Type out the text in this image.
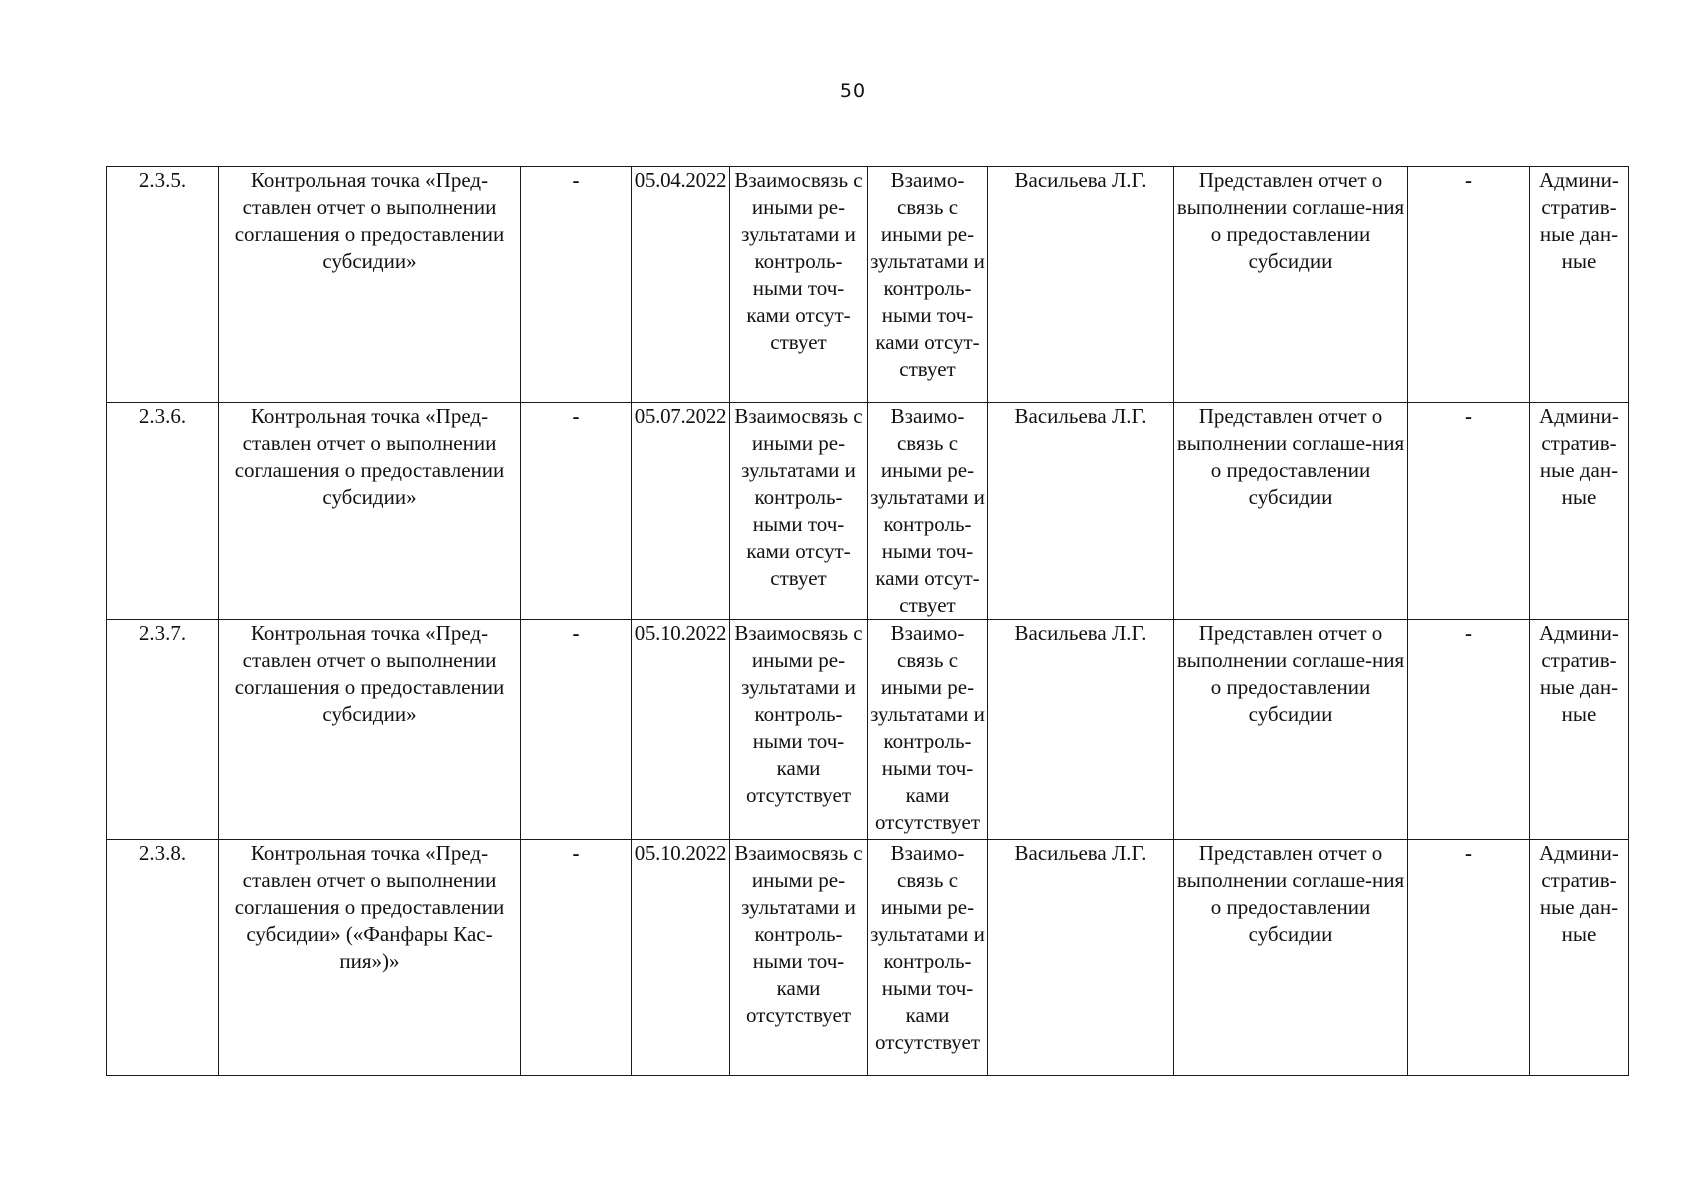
50
2.3.5.	Контрольная точка «Пред-ставлен отчет о выполнении соглашения о предоставлении субсидии»	-	05.04.2022	Взаимосвязь с иными ре-зультатами и контроль-ными точ-ками отсут-ствует	Взаимо-связь с иными ре-зультатами и контроль-ными точ-ками отсут-ствует	Васильева Л.Г.	Представлен отчет о выполнении соглаше-ния о предоставлении субсидии	-	Админи-стратив-ные дан-ные
2.3.6.	Контрольная точка «Пред-ставлен отчет о выполнении соглашения о предоставлении субсидии»	-	05.07.2022	Взаимосвязь с иными ре-зультатами и контроль-ными точ-ками отсут-ствует	Взаимо-связь с иными ре-зультатами и контроль-ными точ-ками отсут-ствует	Васильева Л.Г.	Представлен отчет о выполнении соглаше-ния о предоставлении субсидии	-	Админи-стратив-ные дан-ные
2.3.7.	Контрольная точка «Пред-ставлен отчет о выполнении соглашения о предоставлении субсидии»	-	05.10.2022	Взаимосвязь с иными ре-зультатами и контроль-ными точ-ками отсутствует	Взаимо-связь с иными ре-зультатами и контроль-ными точ-ками отсутствует	Васильева Л.Г.	Представлен отчет о выполнении соглаше-ния о предоставлении субсидии	-	Админи-стратив-ные дан-ные
2.3.8.	Контрольная точка «Пред-ставлен отчет о выполнении соглашения о предоставлении субсидии» («Фанфары Кас-пия»)»	-	05.10.2022	Взаимосвязь с иными ре-зультатами и контроль-ными точ-ками отсутствует	Взаимо-связь с иными ре-зультатами и контроль-ными точ-ками отсутствует	Васильева Л.Г.	Представлен отчет о выполнении соглаше-ния о предоставлении субсидии	-	Админи-стратив-ные дан-ные
